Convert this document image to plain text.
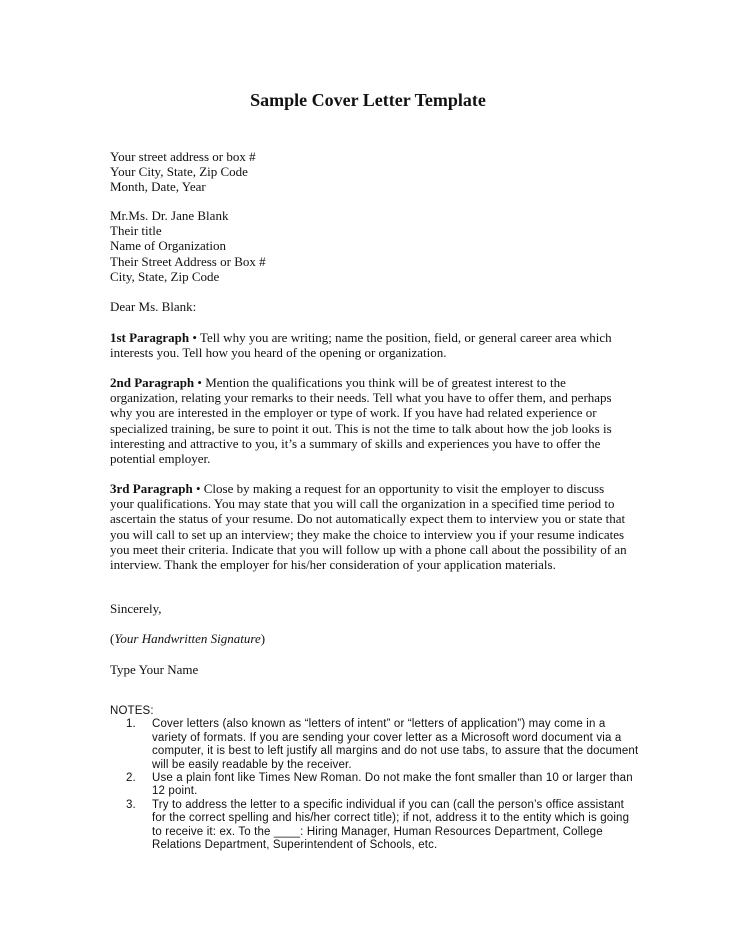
Sample Cover Letter Template
Your street address or box #
Your City, State, Zip Code
Month, Date, Year
Mr.Ms. Dr. Jane Blank
Their title
Name of Organization
Their Street Address or Box #
City, State, Zip Code
Dear Ms. Blank:

1st Paragraph • Tell why you are writing; name the position, field, or general career area which interests you. Tell how you heard of the opening or organization.

2nd Paragraph • Mention the qualifications you think will be of greatest interest to the organization, relating your remarks to their needs. Tell what you have to offer them, and perhaps why you are interested in the employer or type of work. If you have had related experience or specialized training, be sure to point it out. This is not the time to talk about how the job looks is interesting and attractive to you, it’s a summary of skills and experiences you have to offer the potential employer.

3rd Paragraph • Close by making a request for an opportunity to visit the employer to discuss your qualifications. You may state that you will call the organization in a specified time period to ascertain the status of your resume. Do not automatically expect them to interview you or state that you will call to set up an interview; they make the choice to interview you if your resume indicates you meet their criteria. Indicate that you will follow up with a phone call about the possibility of an interview. Thank the employer for his/her consideration of your application materials.

Sincerely,
(Your Handwritten Signature)
Type Your Name
NOTES:
1. Cover letters (also known as “letters of intent” or “letters of application”) may come in a variety of formats. If you are sending your cover letter as a Microsoft word document via a computer, it is best to left justify all margins and do not use tabs, to assure that the document will be easily readable by the receiver.
2. Use a plain font like Times New Roman. Do not make the font smaller than 10 or larger than 12 point.
3. Try to address the letter to a specific individual if you can (call the person’s office assistant for the correct spelling and his/her correct title); if not, address it to the entity which is going to receive it: ex. To the ____: Hiring Manager, Human Resources Department, College Relations Department, Superintendent of Schools, etc.
